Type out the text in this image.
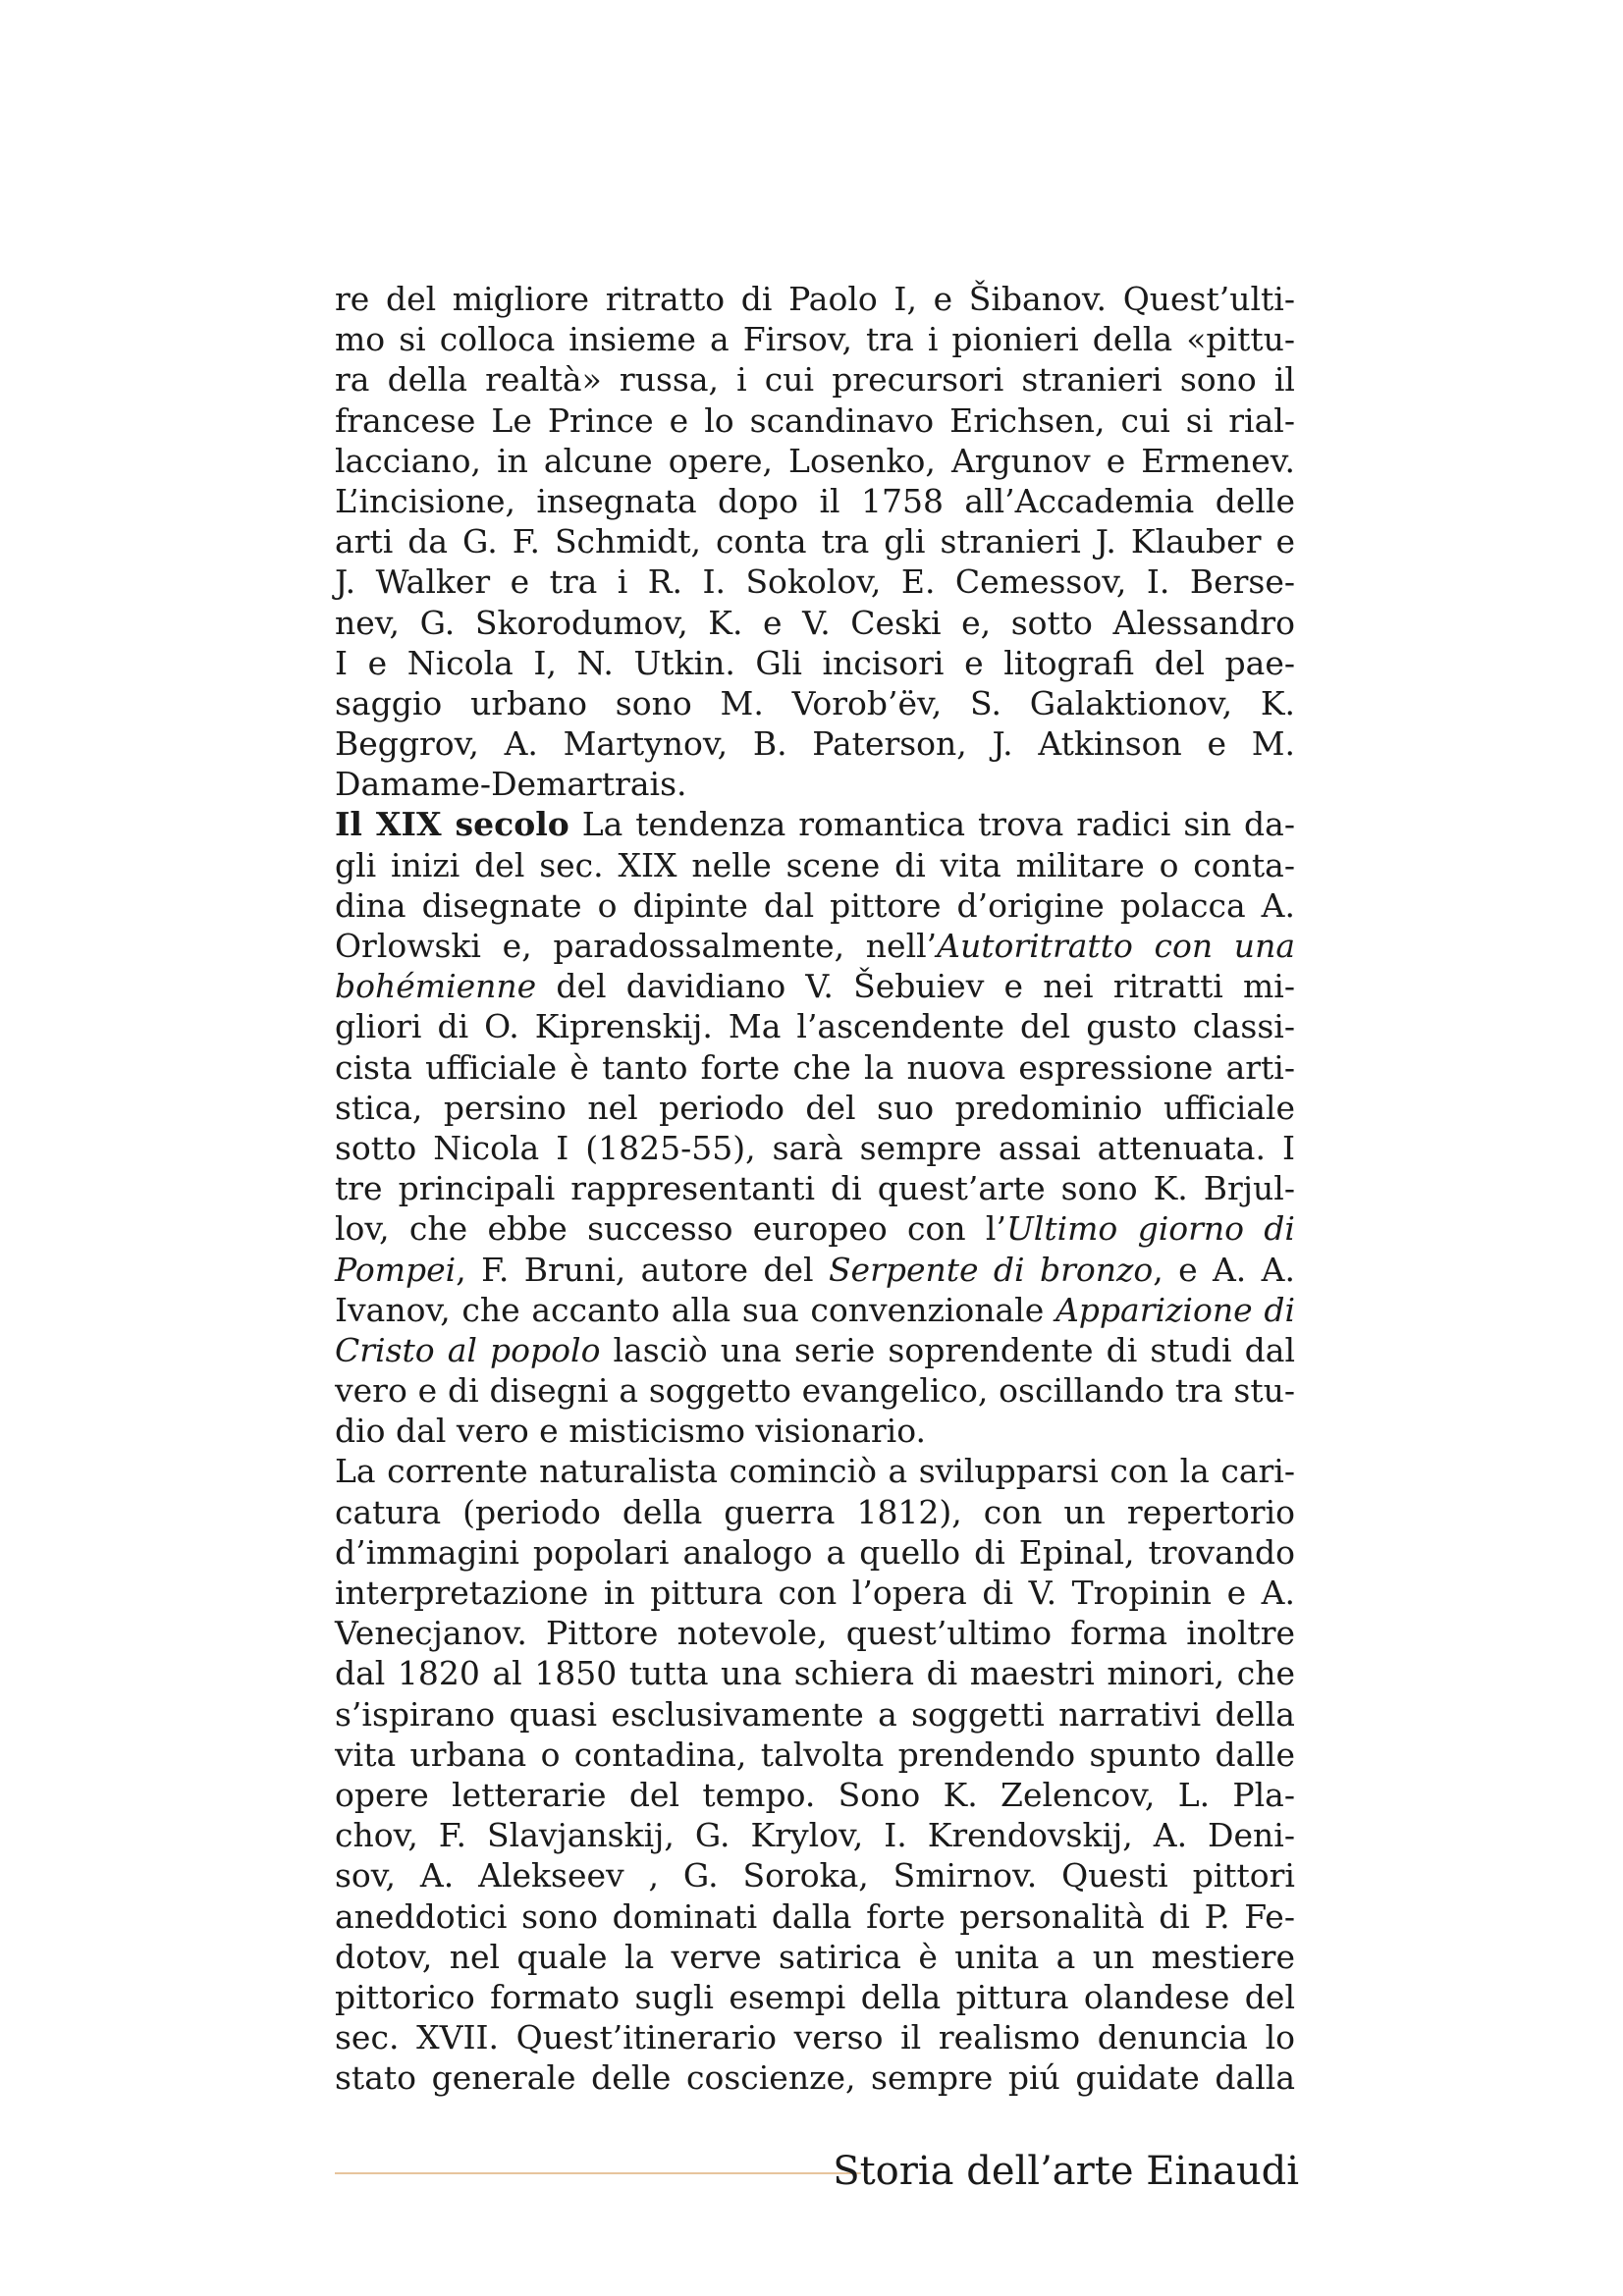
re del migliore ritratto di Paolo I, e Šibanov. Quest’ulti-
mo si colloca insieme a Firsov, tra i pionieri della «pittu-
ra della realtà» russa, i cui precursori stranieri sono il
francese Le Prince e lo scandinavo Erichsen, cui si rial-
lacciano, in alcune opere, Losenko, Argunov e Ermenev.
L’incisione, insegnata dopo il 1758 all’Accademia delle
arti da G. F. Schmidt, conta tra gli stranieri J. Klauber e
J. Walker e tra i R. I. Sokolov, E. Cemessov, I. Berse-
nev, G. Skorodumov, K. e V. Ceski e, sotto Alessandro
I e Nicola I, N. Utkin. Gli incisori e litografi del pae-
saggio urbano sono M. Vorob’ëv, S. Galaktionov, K.
Beggrov, A. Martynov, B. Paterson, J. Atkinson e M.
Damame-Demartrais.
Il XIX secolo La tendenza romantica trova radici sin da-
gli inizi del sec. XIX nelle scene di vita militare o conta-
dina disegnate o dipinte dal pittore d’origine polacca A.
Orlowski e, paradossalmente, nell’Autoritratto con una
bohémienne del davidiano V. Šebuiev e nei ritratti mi-
gliori di O. Kiprenskij. Ma l’ascendente del gusto classi-
cista ufficiale è tanto forte che la nuova espressione arti-
stica, persino nel periodo del suo predominio ufficiale
sotto Nicola I (1825-55), sarà sempre assai attenuata. I
tre principali rappresentanti di quest’arte sono K. Brjul-
lov, che ebbe successo europeo con l’Ultimo giorno di
Pompei, F. Bruni, autore del Serpente di bronzo, e A. A.
Ivanov, che accanto alla sua convenzionale Apparizione di
Cristo al popolo lasciò una serie soprendente di studi dal
vero e di disegni a soggetto evangelico, oscillando tra stu-
dio dal vero e misticismo visionario.
La corrente naturalista cominciò a svilupparsi con la cari-
catura (periodo della guerra 1812), con un repertorio
d’immagini popolari analogo a quello di Epinal, trovando
interpretazione in pittura con l’opera di V. Tropinin e A.
Venecjanov. Pittore notevole, quest’ultimo forma inoltre
dal 1820 al 1850 tutta una schiera di maestri minori, che
s’ispirano quasi esclusivamente a soggetti narrativi della
vita urbana o contadina, talvolta prendendo spunto dalle
opere letterarie del tempo. Sono K. Zelencov, L. Pla-
chov, F. Slavjanskij, G. Krylov, I. Krendovskij, A. Deni-
sov, A. Alekseev , G. Soroka, Smirnov. Questi pittori
aneddotici sono dominati dalla forte personalità di P. Fe-
dotov, nel quale la verve satirica è unita a un mestiere
pittorico formato sugli esempi della pittura olandese del
sec. XVII. Quest’itinerario verso il realismo denuncia lo
stato generale delle coscienze, sempre piú guidate dalla
Storia dell’arte Einaudi
